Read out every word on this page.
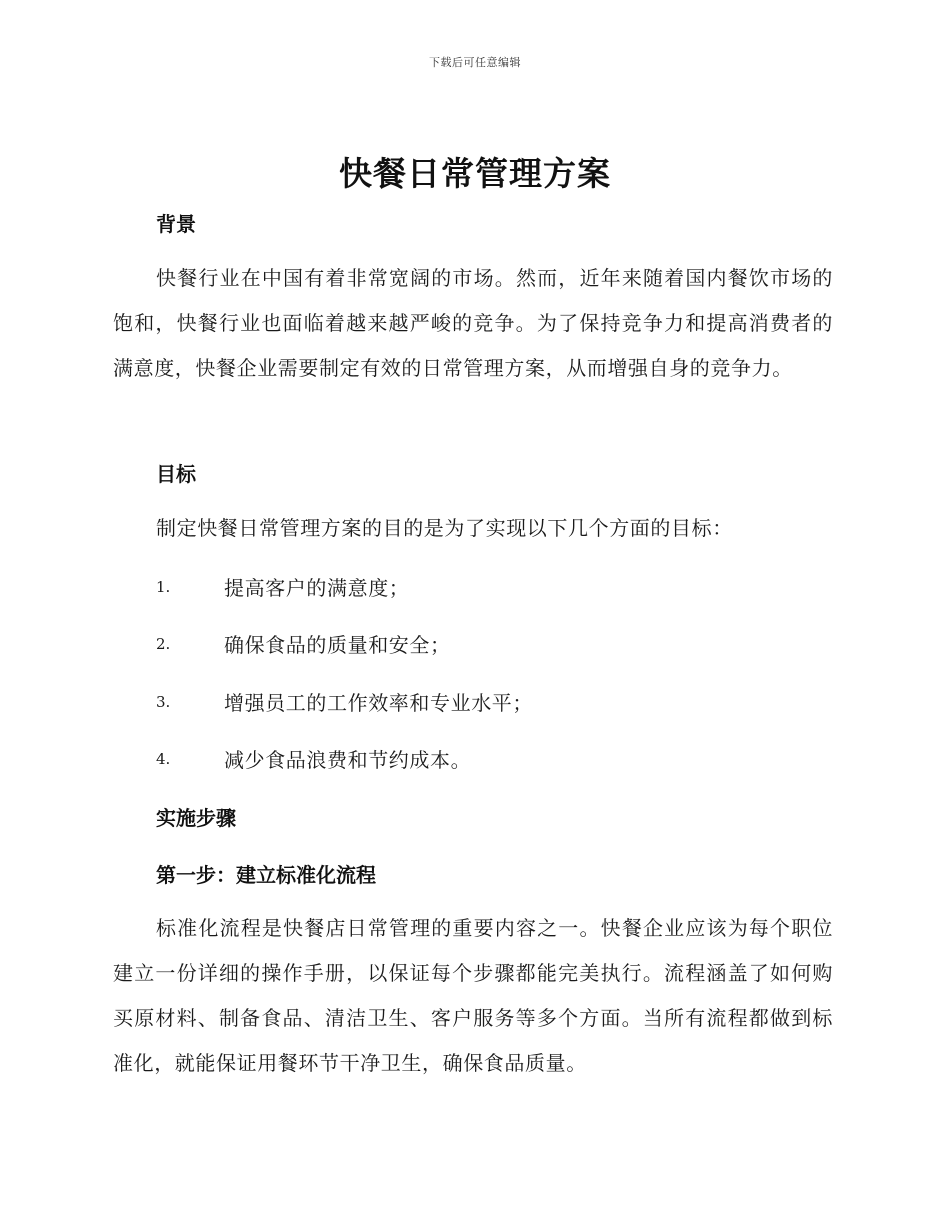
下载后可任意编辑
快餐日常管理方案
背景
快餐行业在中国有着非常宽阔的市场。然而，近年来随着国内餐饮市场的饱和，快餐行业也面临着越来越严峻的竞争。为了保持竞争力和提高消费者的满意度，快餐企业需要制定有效的日常管理方案，从而增强自身的竞争力。
目标
制定快餐日常管理方案的目的是为了实现以下几个方面的目标：
1.	提高客户的满意度；
2.	确保食品的质量和安全；
3.	增强员工的工作效率和专业水平；
4.	减少食品浪费和节约成本。
实施步骤
第一步：建立标准化流程
标准化流程是快餐店日常管理的重要内容之一。快餐企业应该为每个职位建立一份详细的操作手册，以保证每个步骤都能完美执行。流程涵盖了如何购买原材料、制备食品、清洁卫生、客户服务等多个方面。当所有流程都做到标准化，就能保证用餐环节干净卫生，确保食品质量。
